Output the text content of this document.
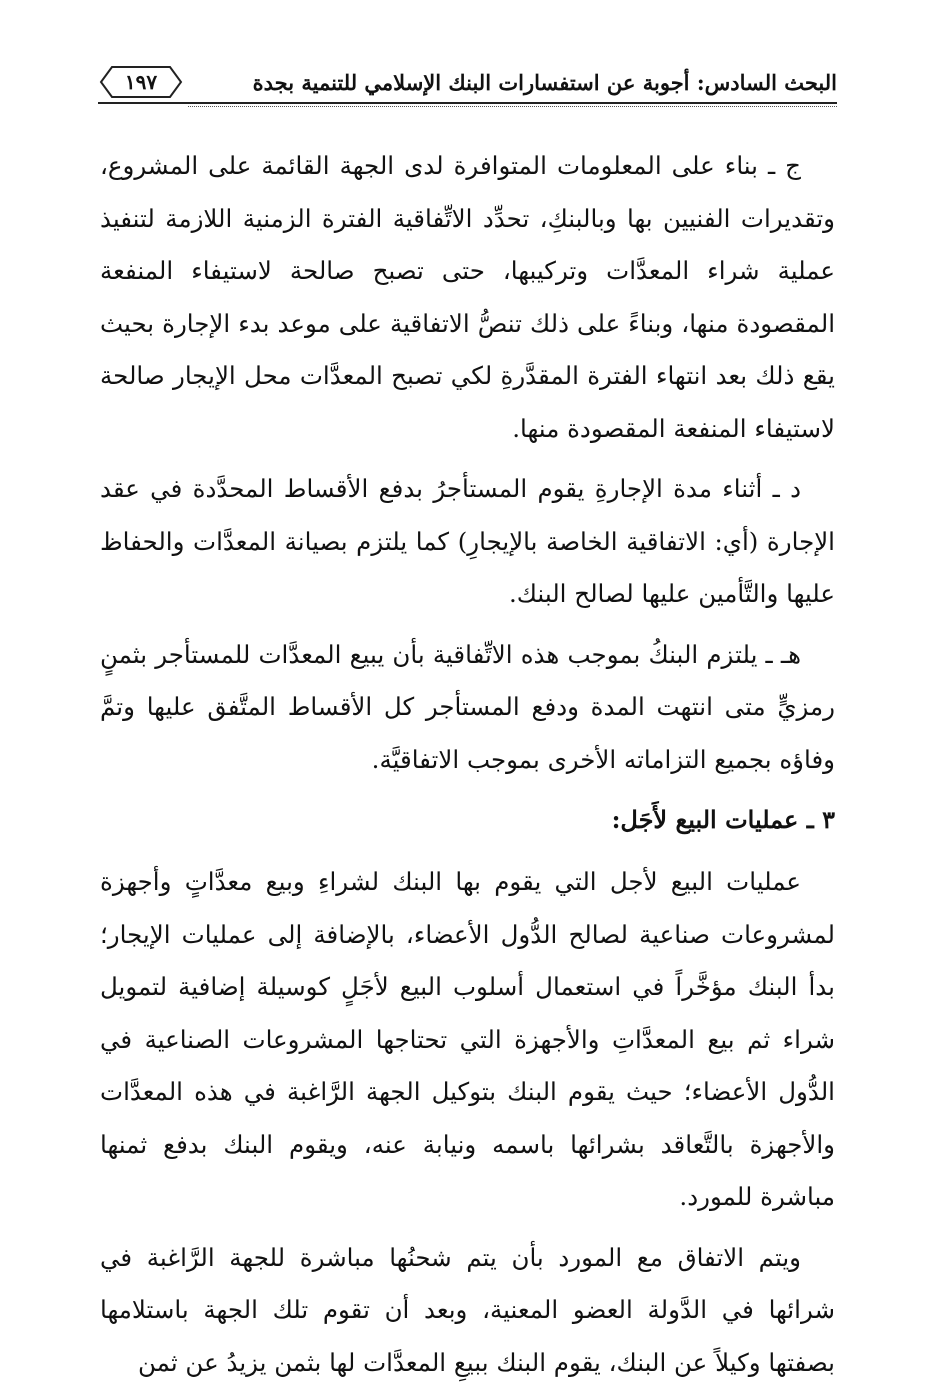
البحث السادس: أجوبة عن استفسارات البنك الإسلامي للتنمية بجدة
١٩٧

ج ـ بناء على المعلومات المتوافرة لدى الجهة القائمة على المشروع، وتقديرات الفنيين بها وبالبنكِ، تحدِّد الاتِّفاقية الفترة الزمنية اللازمة لتنفيذ عملية شراء المعدَّات وتركيبها، حتى تصبح صالحة لاستيفاء المنفعة المقصودة منها، وبناءً على ذلك تنصُّ الاتفاقية على موعد بدء الإجارة بحيث يقع ذلك بعد انتهاء الفترة المقدَّرةِ لكي تصبح المعدَّات محل الإيجار صالحة لاستيفاء المنفعة المقصودة منها.

د ـ أثناء مدة الإجارةِ يقوم المستأجرُ بدفع الأقساط المحدَّدة في عقد الإجارة (أي: الاتفاقية الخاصة بالإيجارِ) كما يلتزم بصيانة المعدَّات والحفاظ عليها والتَّأمين عليها لصالح البنك.

هـ ـ يلتزم البنكُ بموجب هذه الاتِّفاقية بأن يبيع المعدَّات للمستأجر بثمنٍ رمزيٍّ متى انتهت المدة ودفع المستأجر كل الأقساط المتَّفق عليها وتمَّ وفاؤه بجميع التزاماته الأخرى بموجب الاتفاقيَّة.

٣ ـ عمليات البيع لأَجَل:

عمليات البيع لأجل التي يقوم بها البنك لشراءِ وبيع معدَّاتٍ وأجهزة لمشروعات صناعية لصالح الدُّول الأعضاء، بالإضافة إلى عمليات الإيجار؛ بدأ البنك مؤخَّراً في استعمال أسلوب البيع لأجَلٍ كوسيلة إضافية لتمويل شراء ثم بيع المعدَّاتِ والأجهزة التي تحتاجها المشروعات الصناعية في الدُّول الأعضاء؛ حيث يقوم البنك بتوكيل الجهة الرَّاغبة في هذه المعدَّات والأجهزة بالتَّعاقد بشرائها باسمه ونيابة عنه، ويقوم البنك بدفع ثمنها مباشرة للمورد.

ويتم الاتفاق مع المورد بأن يتم شحنُها مباشرة للجهة الرَّاغبة في شرائها في الدَّولة العضو المعنية، وبعد أن تقوم تلك الجهة باستلامها بصفتها وكيلاً عن البنك، يقوم البنك ببيعِ المعدَّات لها بثمن يزيدُ عن ثمن
